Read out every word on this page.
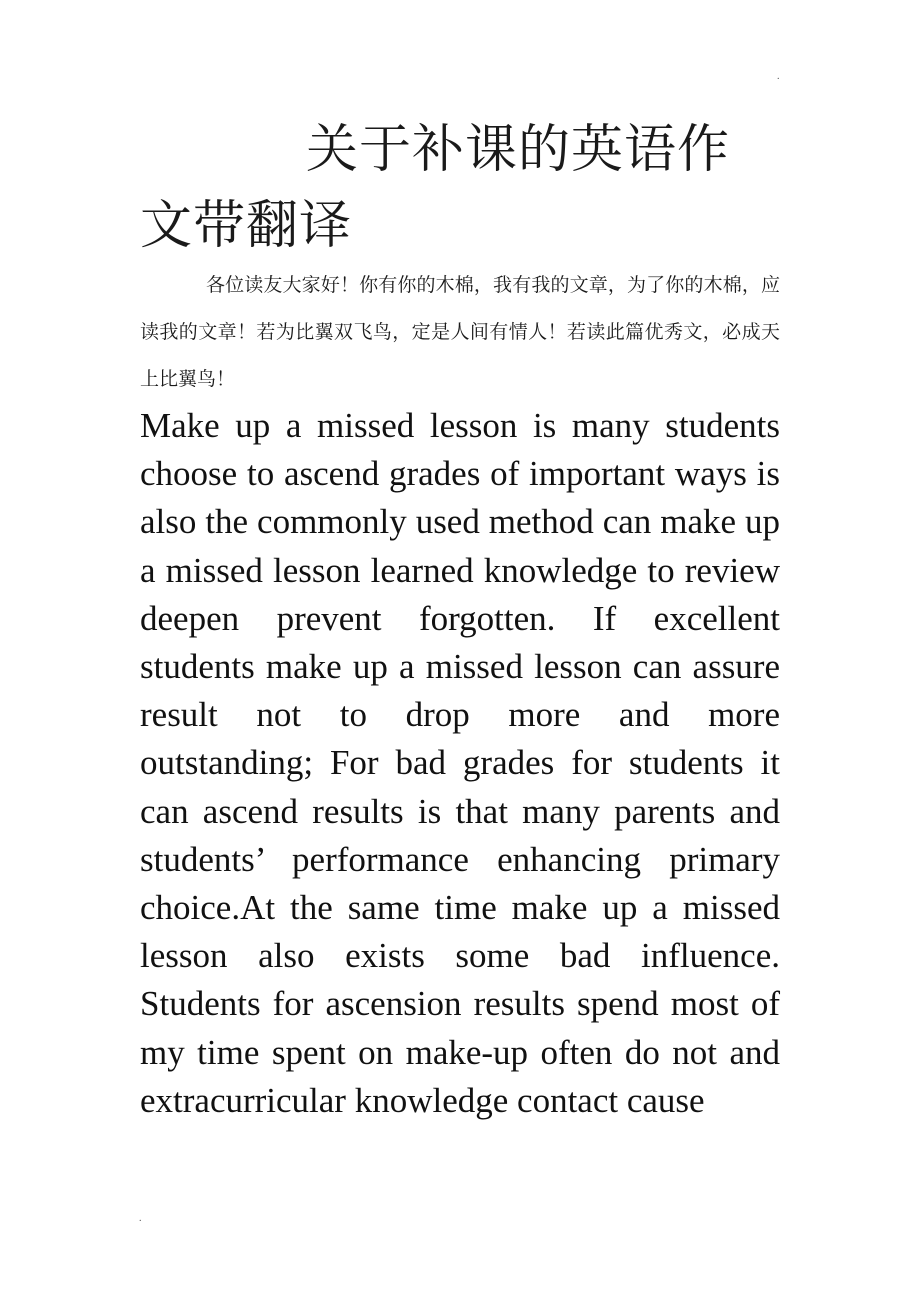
.
关于补课的英语作文带翻译

各位读友大家好！你有你的木棉，我有我的文章，为了你的木棉，应读我的文章！若为比翼双飞鸟，定是人间有情人！若读此篇优秀文，必成天上比翼鸟！

Make up a missed lesson is many students choose to ascend grades of important ways is also the commonly used method can make up a missed lesson learned knowledge to review deepen prevent forgotten. If excellent students make up a missed lesson can assure result not to drop more and more outstanding; For bad grades for students it can ascend results is that many parents and students’ performance enhancing primary choice.At the same time make up a missed lesson also exists some bad influence. Students for ascension results spend most of my time spent on make-up often do not and extracurricular knowledge contact cause

.
